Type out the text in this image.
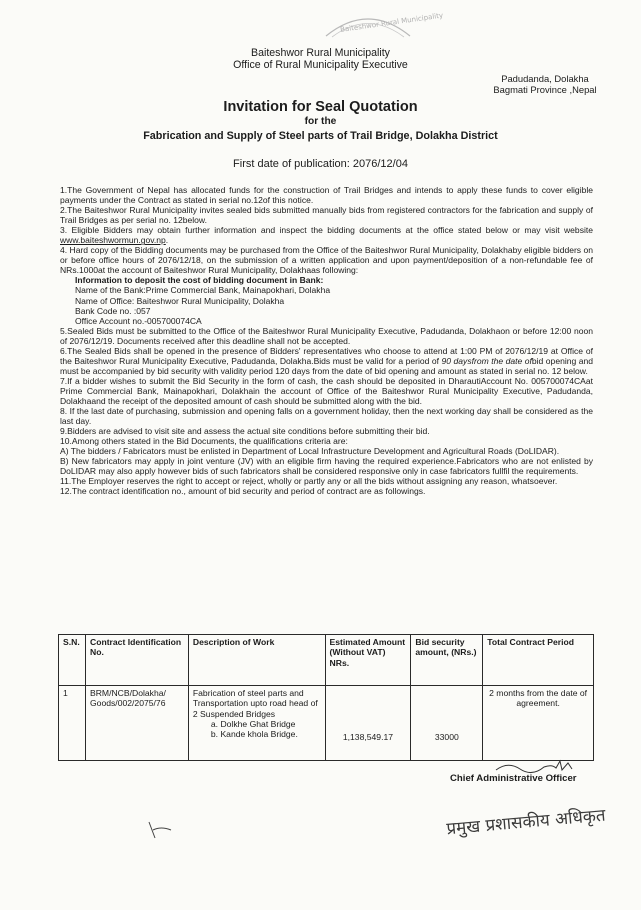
Baiteshwor Rural Municipality
Baiteshwor Rural Municipality
Office of Rural Municipality Executive
Padudanda, Dolakha
Bagmati Province ,Nepal
Invitation for Seal Quotation
for the
Fabrication and Supply of Steel parts of Trail Bridge, Dolakha District
First date of publication: 2076/12/04

1.The Government of Nepal has allocated funds for the construction of Trail Bridges and intends to apply these funds to cover eligible payments under the Contract as stated in serial no.12of this notice.

2.The Baiteshwor Rural Municipality invites sealed bids submitted manually bids from registered contractors for the fabrication and supply of Trail Bridges as per serial no. 12below.

3. Eligible Bidders may obtain further information and inspect the bidding documents at the office stated below or may visit website www.baiteshwormun.gov.np.

4. Hard copy of the Bidding documents may be purchased from the Office of the Baiteshwor Rural Municipality, Dolakhaby eligible bidders on or before office hours of 2076/12/18, on the submission of a written application and upon payment/deposition of a non-refundable fee of NRs.1000at the account of Baiteshwor Rural Municipality, Dolakhaas following:

Information to deposit the cost of bidding document in Bank:

Name of the Bank:Prime Commercial Bank, Mainapokhari, Dolakha

Name of Office: Baiteshwor Rural Municipality, Dolakha

Bank Code no. :057

Office Account no.-005700074CA

5.Sealed Bids must be submitted to the Office of the Baiteshwor Rural Municipality Executive, Padudanda, Dolakhaon or before 12:00 noon of 2076/12/19. Documents received after this deadline shall not be accepted.

6.The Sealed Bids shall be opened in the presence of Bidders' representatives who choose to attend at 1:00 PM of 2076/12/19 at Office of the Baiteshwor Rural Municipality Executive, Padudanda, Dolakha.Bids must be valid for a period of 90 daysfrom the date ofbid opening and must be accompanied by bid security with validity period 120 days from the date of bid opening and amount as stated in serial no. 12 below.

7.If a bidder wishes to submit the Bid Security in the form of cash, the cash should be deposited in DharautiAccount No. 005700074CAat Prime Commercial Bank, Mainapokhari, Dolakhain the account of Office of the Baiteshwor Rural Municipality Executive, Padudanda, Dolakhaand the receipt of the deposited amount of cash should be submitted along with the bid.

8. If the last date of purchasing, submission and opening falls on a government holiday, then the next working day shall be considered as the last day.

9.Bidders are advised to visit site and assess the actual site conditions before submitting their bid.

10.Among others stated in the Bid Documents, the qualifications criteria are:

A) The bidders / Fabricators must be enlisted in Department of Local Infrastructure Development and Agricultural Roads (DoLIDAR).

B) New fabricators may apply in joint venture (JV) with an eligible firm having the required experience.Fabricators who are not enlisted by DoLIDAR may also apply however bids of such fabricators shall be considered responsive only in case fabricators fullfil the requirements.

11.The Employer reserves the right to accept or reject, wholly or partly any or all the bids without assigning any reason, whatsoever.

12.The contract identification no., amount of bid security and period of contract are as followings.

S.N.	Contract Identification No.	Description of Work	Estimated Amount (Without VAT) NRs.	Bid security amount, (NRs.)	Total Contract Period
1	BRM/NCB/Dolakha/ Goods/002/2075/76	Fabrication of steel parts and Transportation upto road head of 2 Suspended Bridges
a. Dolkhe Ghat Bridge
b. Kande khola Bridge.	1,138,549.17	33000	2 months from the date of agreement.
Chief Administrative Officer
प्रमुख प्रशासकीय अधिकृत
